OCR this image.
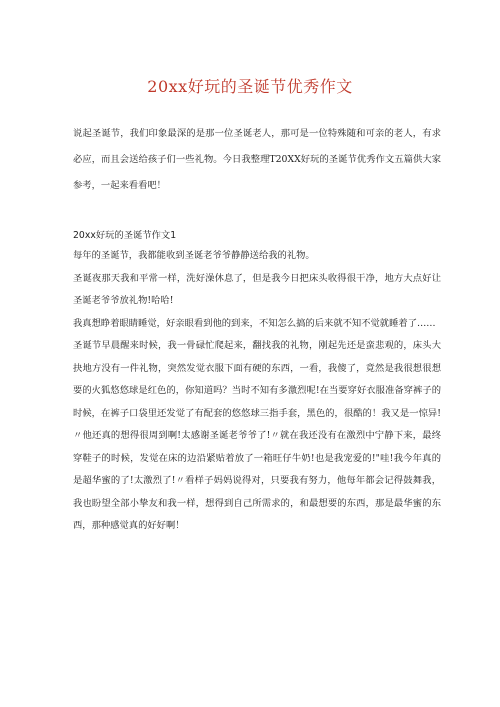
20xx好玩的圣诞节优秀作文

说起圣诞节，我们印象最深的是那一位圣诞老人，那可是一位特殊随和可亲的老人，有求必应，而且会送给孩子们一些礼物。今日我整理T20XX好玩的圣诞节优秀作文五篇供大家参考，一起来看看吧！

20xx好玩的圣诞节作文1

每年的圣诞节，我都能收到圣诞老爷爷静静送给我的礼物。

圣诞夜那天我和平常一样，洗好澡休息了，但是我今日把床头收得很干净，地方大点好让圣诞老爷爷放礼物!哈哈!

我真想睁着眼睛睡觉，好亲眼看到他的到来，不知怎么搞的后来就不知不觉就睡着了……

圣诞节早晨醒来时候，我一骨碌忙爬起来，翻找我的礼物，刚起先还是蛮悲观的，床头大抉地方没有一件礼物，突然发觉衣服下面有硬的东西，一看，我傻了，竟然是我很想很想要的火狐悠悠球是红色的，你知道吗？当时不知有多激烈呢!在当要穿好衣服准备穿裤子的时候，在裤子口袋里还发觉了有配套的悠悠球三指手套，黑色的，很酷的！我又是一惊异!〃他还真的想得很周到啊!太感谢圣诞老爷爷了!〃就在我还没有在激烈中宁静下来，最终穿鞋子的时候，发觉在床的边沿紧贴着放了一箱旺仔牛奶!也是我宠爱的!"哇!我今年真的是超华蜜的了!太激烈了!〃看样子妈妈说得对，只要我有努力，他每年都会记得鼓舞我，我也盼望全部小挚友和我一样，想得到自己所需求的，和最想要的东西，那是最华蜜的东西，那种感觉真的好好啊！
